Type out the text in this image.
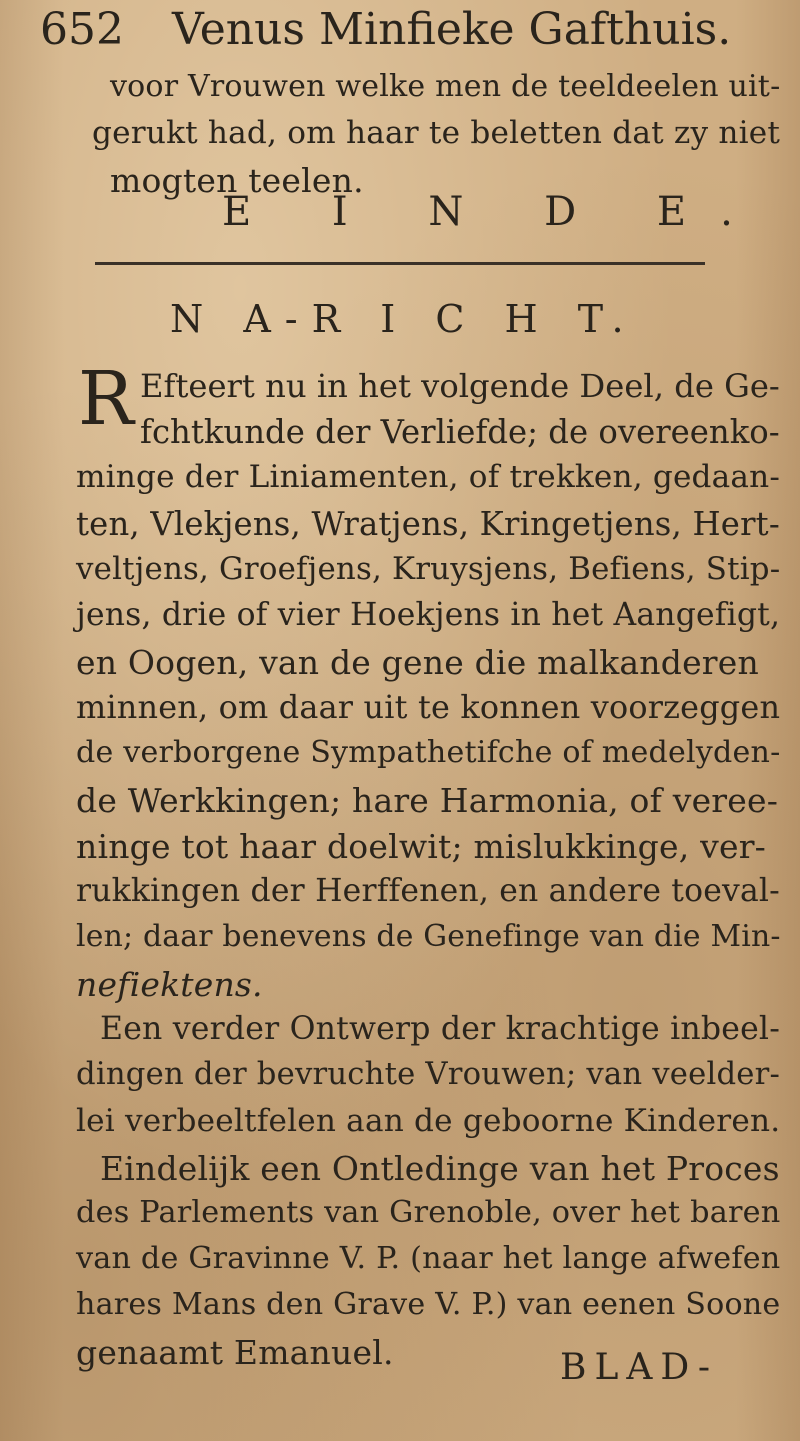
652 Venus Minfieke Gafthuis.
voor Vrouwen welke men de teeldeelen uit-
gerukt had, om haar te beletten dat zy niet
mogten teelen.
E I N D E.
N A-R I C H T.
R Efteert nu in het volgende Deel, de Ge-
fchtkunde der Verliefde; de overeenko-
minge der Liniamenten, of trekken, gedaan-
ten, Vlekjens, Wratjens, Kringetjens, Hert-
veltjens, Groefjens, Kruysjens, Befiens, Stip-
jens, drie of vier Hoekjens in het Aangefigt,
en Oogen, van de gene die malkanderen
minnen, om daar uit te konnen voorzeggen
de verborgene Sympathetifche of medelyden-
de Werkkingen; hare Harmonia, of veree-
ninge tot haar doelwit; mislukkinge, ver-
rukkingen der Herffenen, en andere toeval-
len; daar benevens de Genefinge van die Min-
nefiektens.
Een verder Ontwerp der krachtige inbeel-
dingen der bevruchte Vrouwen; van veelder-
lei verbeeltfelen aan de geboorne Kinderen.
Eindelijk een Ontledinge van het Proces
des Parlements van Grenoble, over het baren
van de Gravinne V. P. (naar het lange afwefen
hares Mans den Grave V. P.) van eenen Soone
genaamt Emanuel.	BLAD-
